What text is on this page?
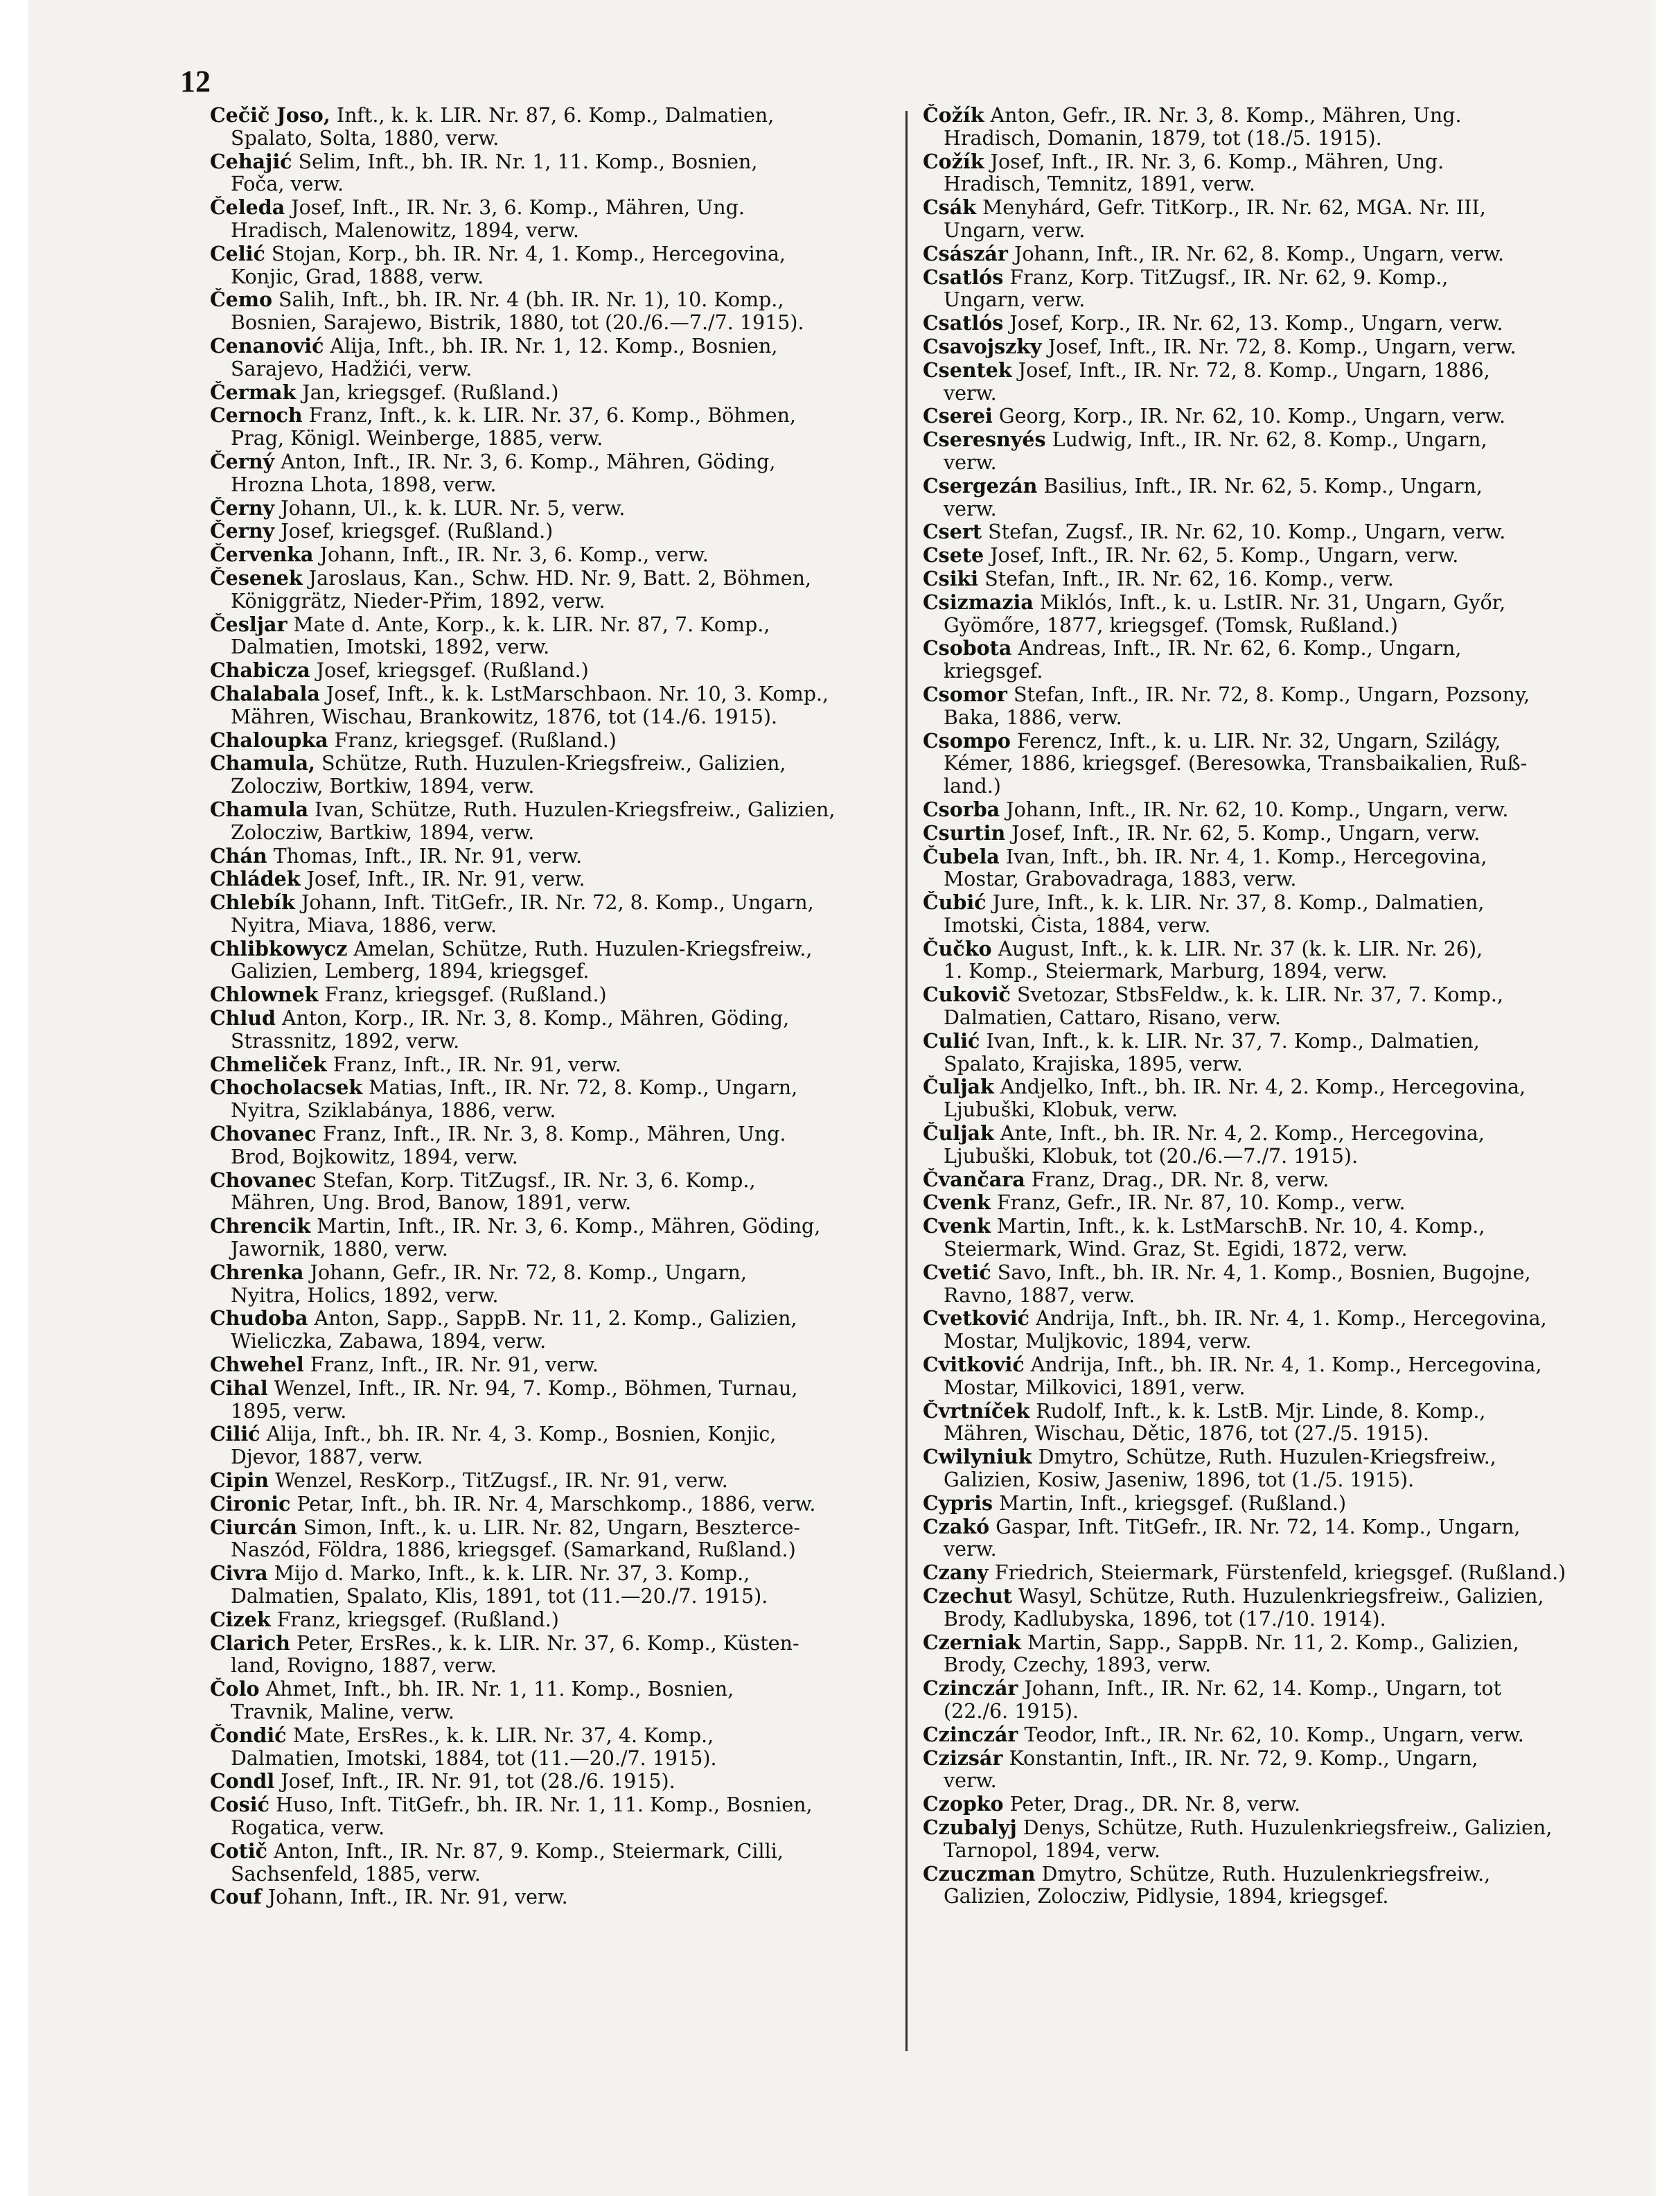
12
Cečič Joso, Inft., k. k. LIR. Nr. 87, 6. Komp., Dalmatien,
Spalato, Solta, 1880, verw.
Cehajić Selim, Inft., bh. IR. Nr. 1, 11. Komp., Bosnien,
Foča, verw.
Čeleda Josef, Inft., IR. Nr. 3, 6. Komp., Mähren, Ung.
Hradisch, Malenowitz, 1894, verw.
Celić Stojan, Korp., bh. IR. Nr. 4, 1. Komp., Hercegovina,
Konjic, Grad, 1888, verw.
Čemo Salih, Inft., bh. IR. Nr. 4 (bh. IR. Nr. 1), 10. Komp.,
Bosnien, Sarajewo, Bistrik, 1880, tot (20./6.—7./7. 1915).
Cenanović Alija, Inft., bh. IR. Nr. 1, 12. Komp., Bosnien,
Sarajevo, Hadžići, verw.
Čermak Jan, kriegsgef. (Rußland.)
Cernoch Franz, Inft., k. k. LIR. Nr. 37, 6. Komp., Böhmen,
Prag, Königl. Weinberge, 1885, verw.
Černý Anton, Inft., IR. Nr. 3, 6. Komp., Mähren, Göding,
Hrozna Lhota, 1898, verw.
Černy Johann, Ul., k. k. LUR. Nr. 5, verw.
Černy Josef, kriegsgef. (Rußland.)
Červenka Johann, Inft., IR. Nr. 3, 6. Komp., verw.
Česenek Jaroslaus, Kan., Schw. HD. Nr. 9, Batt. 2, Böhmen,
Königgrätz, Nieder-Přim, 1892, verw.
Česljar Mate d. Ante, Korp., k. k. LIR. Nr. 87, 7. Komp.,
Dalmatien, Imotski, 1892, verw.
Chabicza Josef, kriegsgef. (Rußland.)
Chalabala Josef, Inft., k. k. LstMarschbaon. Nr. 10, 3. Komp.,
Mähren, Wischau, Brankowitz, 1876, tot (14./6. 1915).
Chaloupka Franz, kriegsgef. (Rußland.)
Chamula, Schütze, Ruth. Huzulen-Kriegsfreiw., Galizien,
Zolocziw, Bortkiw, 1894, verw.
Chamula Ivan, Schütze, Ruth. Huzulen-Kriegsfreiw., Galizien,
Zolocziw, Bartkiw, 1894, verw.
Chán Thomas, Inft., IR. Nr. 91, verw.
Chládek Josef, Inft., IR. Nr. 91, verw.
Chlebík Johann, Inft. TitGefr., IR. Nr. 72, 8. Komp., Ungarn,
Nyitra, Miava, 1886, verw.
Chlibkowycz Amelan, Schütze, Ruth. Huzulen-Kriegsfreiw.,
Galizien, Lemberg, 1894, kriegsgef.
Chlownek Franz, kriegsgef. (Rußland.)
Chlud Anton, Korp., IR. Nr. 3, 8. Komp., Mähren, Göding,
Strassnitz, 1892, verw.
Chmeliček Franz, Inft., IR. Nr. 91, verw.
Chocholacsek Matias, Inft., IR. Nr. 72, 8. Komp., Ungarn,
Nyitra, Sziklabánya, 1886, verw.
Chovanec Franz, Inft., IR. Nr. 3, 8. Komp., Mähren, Ung.
Brod, Bojkowitz, 1894, verw.
Chovanec Stefan, Korp. TitZugsf., IR. Nr. 3, 6. Komp.,
Mähren, Ung. Brod, Banow, 1891, verw.
Chrencik Martin, Inft., IR. Nr. 3, 6. Komp., Mähren, Göding,
Jawornik, 1880, verw.
Chrenka Johann, Gefr., IR. Nr. 72, 8. Komp., Ungarn,
Nyitra, Holics, 1892, verw.
Chudoba Anton, Sapp., SappB. Nr. 11, 2. Komp., Galizien,
Wieliczka, Zabawa, 1894, verw.
Chwehel Franz, Inft., IR. Nr. 91, verw.
Cihal Wenzel, Inft., IR. Nr. 94, 7. Komp., Böhmen, Turnau,
1895, verw.
Cilić Alija, Inft., bh. IR. Nr. 4, 3. Komp., Bosnien, Konjic,
Djevor, 1887, verw.
Cipin Wenzel, ResKorp., TitZugsf., IR. Nr. 91, verw.
Cironic Petar, Inft., bh. IR. Nr. 4, Marschkomp., 1886, verw.
Ciurcán Simon, Inft., k. u. LIR. Nr. 82, Ungarn, Beszterce-
Naszód, Földra, 1886, kriegsgef. (Samarkand, Rußland.)
Civra Mijo d. Marko, Inft., k. k. LIR. Nr. 37, 3. Komp.,
Dalmatien, Spalato, Klis, 1891, tot (11.—20./7. 1915).
Cizek Franz, kriegsgef. (Rußland.)
Clarich Peter, ErsRes., k. k. LIR. Nr. 37, 6. Komp., Küsten-
land, Rovigno, 1887, verw.
Čolo Ahmet, Inft., bh. IR. Nr. 1, 11. Komp., Bosnien,
Travnik, Maline, verw.
Čondić Mate, ErsRes., k. k. LIR. Nr. 37, 4. Komp.,
Dalmatien, Imotski, 1884, tot (11.—20./7. 1915).
Condl Josef, Inft., IR. Nr. 91, tot (28./6. 1915).
Cosić Huso, Inft. TitGefr., bh. IR. Nr. 1, 11. Komp., Bosnien,
Rogatica, verw.
Cotič Anton, Inft., IR. Nr. 87, 9. Komp., Steiermark, Cilli,
Sachsenfeld, 1885, verw.
Couf Johann, Inft., IR. Nr. 91, verw.
Čožík Anton, Gefr., IR. Nr. 3, 8. Komp., Mähren, Ung.
Hradisch, Domanin, 1879, tot (18./5. 1915).
Cožík Josef, Inft., IR. Nr. 3, 6. Komp., Mähren, Ung.
Hradisch, Temnitz, 1891, verw.
Csák Menyhárd, Gefr. TitKorp., IR. Nr. 62, MGA. Nr. III,
Ungarn, verw.
Császár Johann, Inft., IR. Nr. 62, 8. Komp., Ungarn, verw.
Csatlós Franz, Korp. TitZugsf., IR. Nr. 62, 9. Komp.,
Ungarn, verw.
Csatlós Josef, Korp., IR. Nr. 62, 13. Komp., Ungarn, verw.
Csavojszky Josef, Inft., IR. Nr. 72, 8. Komp., Ungarn, verw.
Csentek Josef, Inft., IR. Nr. 72, 8. Komp., Ungarn, 1886,
verw.
Cserei Georg, Korp., IR. Nr. 62, 10. Komp., Ungarn, verw.
Cseresnyés Ludwig, Inft., IR. Nr. 62, 8. Komp., Ungarn,
verw.
Csergezán Basilius, Inft., IR. Nr. 62, 5. Komp., Ungarn,
verw.
Csert Stefan, Zugsf., IR. Nr. 62, 10. Komp., Ungarn, verw.
Csete Josef, Inft., IR. Nr. 62, 5. Komp., Ungarn, verw.
Csiki Stefan, Inft., IR. Nr. 62, 16. Komp., verw.
Csizmazia Miklós, Inft., k. u. LstIR. Nr. 31, Ungarn, Győr,
Gyömőre, 1877, kriegsgef. (Tomsk, Rußland.)
Csobota Andreas, Inft., IR. Nr. 62, 6. Komp., Ungarn,
kriegsgef.
Csomor Stefan, Inft., IR. Nr. 72, 8. Komp., Ungarn, Pozsony,
Baka, 1886, verw.
Csompo Ferencz, Inft., k. u. LIR. Nr. 32, Ungarn, Szilágy,
Kémer, 1886, kriegsgef. (Beresowka, Transbaikalien, Ruß-
land.)
Csorba Johann, Inft., IR. Nr. 62, 10. Komp., Ungarn, verw.
Csurtin Josef, Inft., IR. Nr. 62, 5. Komp., Ungarn, verw.
Čubela Ivan, Inft., bh. IR. Nr. 4, 1. Komp., Hercegovina,
Mostar, Grabovadraga, 1883, verw.
Čubić Jure, Inft., k. k. LIR. Nr. 37, 8. Komp., Dalmatien,
Imotski, Čista, 1884, verw.
Čučko August, Inft., k. k. LIR. Nr. 37 (k. k. LIR. Nr. 26),
1. Komp., Steiermark, Marburg, 1894, verw.
Cukovič Svetozar, StbsFeldw., k. k. LIR. Nr. 37, 7. Komp.,
Dalmatien, Cattaro, Risano, verw.
Culić Ivan, Inft., k. k. LIR. Nr. 37, 7. Komp., Dalmatien,
Spalato, Krajiska, 1895, verw.
Čuljak Andjelko, Inft., bh. IR. Nr. 4, 2. Komp., Hercegovina,
Ljubuški, Klobuk, verw.
Čuljak Ante, Inft., bh. IR. Nr. 4, 2. Komp., Hercegovina,
Ljubuški, Klobuk, tot (20./6.—7./7. 1915).
Čvančara Franz, Drag., DR. Nr. 8, verw.
Cvenk Franz, Gefr., IR. Nr. 87, 10. Komp., verw.
Cvenk Martin, Inft., k. k. LstMarschB. Nr. 10, 4. Komp.,
Steiermark, Wind. Graz, St. Egidi, 1872, verw.
Cvetić Savo, Inft., bh. IR. Nr. 4, 1. Komp., Bosnien, Bugojne,
Ravno, 1887, verw.
Cvetković Andrija, Inft., bh. IR. Nr. 4, 1. Komp., Hercegovina,
Mostar, Muljkovic, 1894, verw.
Cvitković Andrija, Inft., bh. IR. Nr. 4, 1. Komp., Hercegovina,
Mostar, Milkovici, 1891, verw.
Čvrtníček Rudolf, Inft., k. k. LstB. Mjr. Linde, 8. Komp.,
Mähren, Wischau, Dětic, 1876, tot (27./5. 1915).
Cwilyniuk Dmytro, Schütze, Ruth. Huzulen-Kriegsfreiw.,
Galizien, Kosiw, Jaseniw, 1896, tot (1./5. 1915).
Cypris Martin, Inft., kriegsgef. (Rußland.)
Czakó Gaspar, Inft. TitGefr., IR. Nr. 72, 14. Komp., Ungarn,
verw.
Czany Friedrich, Steiermark, Fürstenfeld, kriegsgef. (Rußland.)
Czechut Wasyl, Schütze, Ruth. Huzulenkriegsfreiw., Galizien,
Brody, Kadlubyska, 1896, tot (17./10. 1914).
Czerniak Martin, Sapp., SappB. Nr. 11, 2. Komp., Galizien,
Brody, Czechy, 1893, verw.
Czinczár Johann, Inft., IR. Nr. 62, 14. Komp., Ungarn, tot
(22./6. 1915).
Czinczár Teodor, Inft., IR. Nr. 62, 10. Komp., Ungarn, verw.
Czizsár Konstantin, Inft., IR. Nr. 72, 9. Komp., Ungarn,
verw.
Czopko Peter, Drag., DR. Nr. 8, verw.
Czubalyj Denys, Schütze, Ruth. Huzulenkriegsfreiw., Galizien,
Tarnopol, 1894, verw.
Czuczman Dmytro, Schütze, Ruth. Huzulenkriegsfreiw.,
Galizien, Zolocziw, Pidlysie, 1894, kriegsgef.
